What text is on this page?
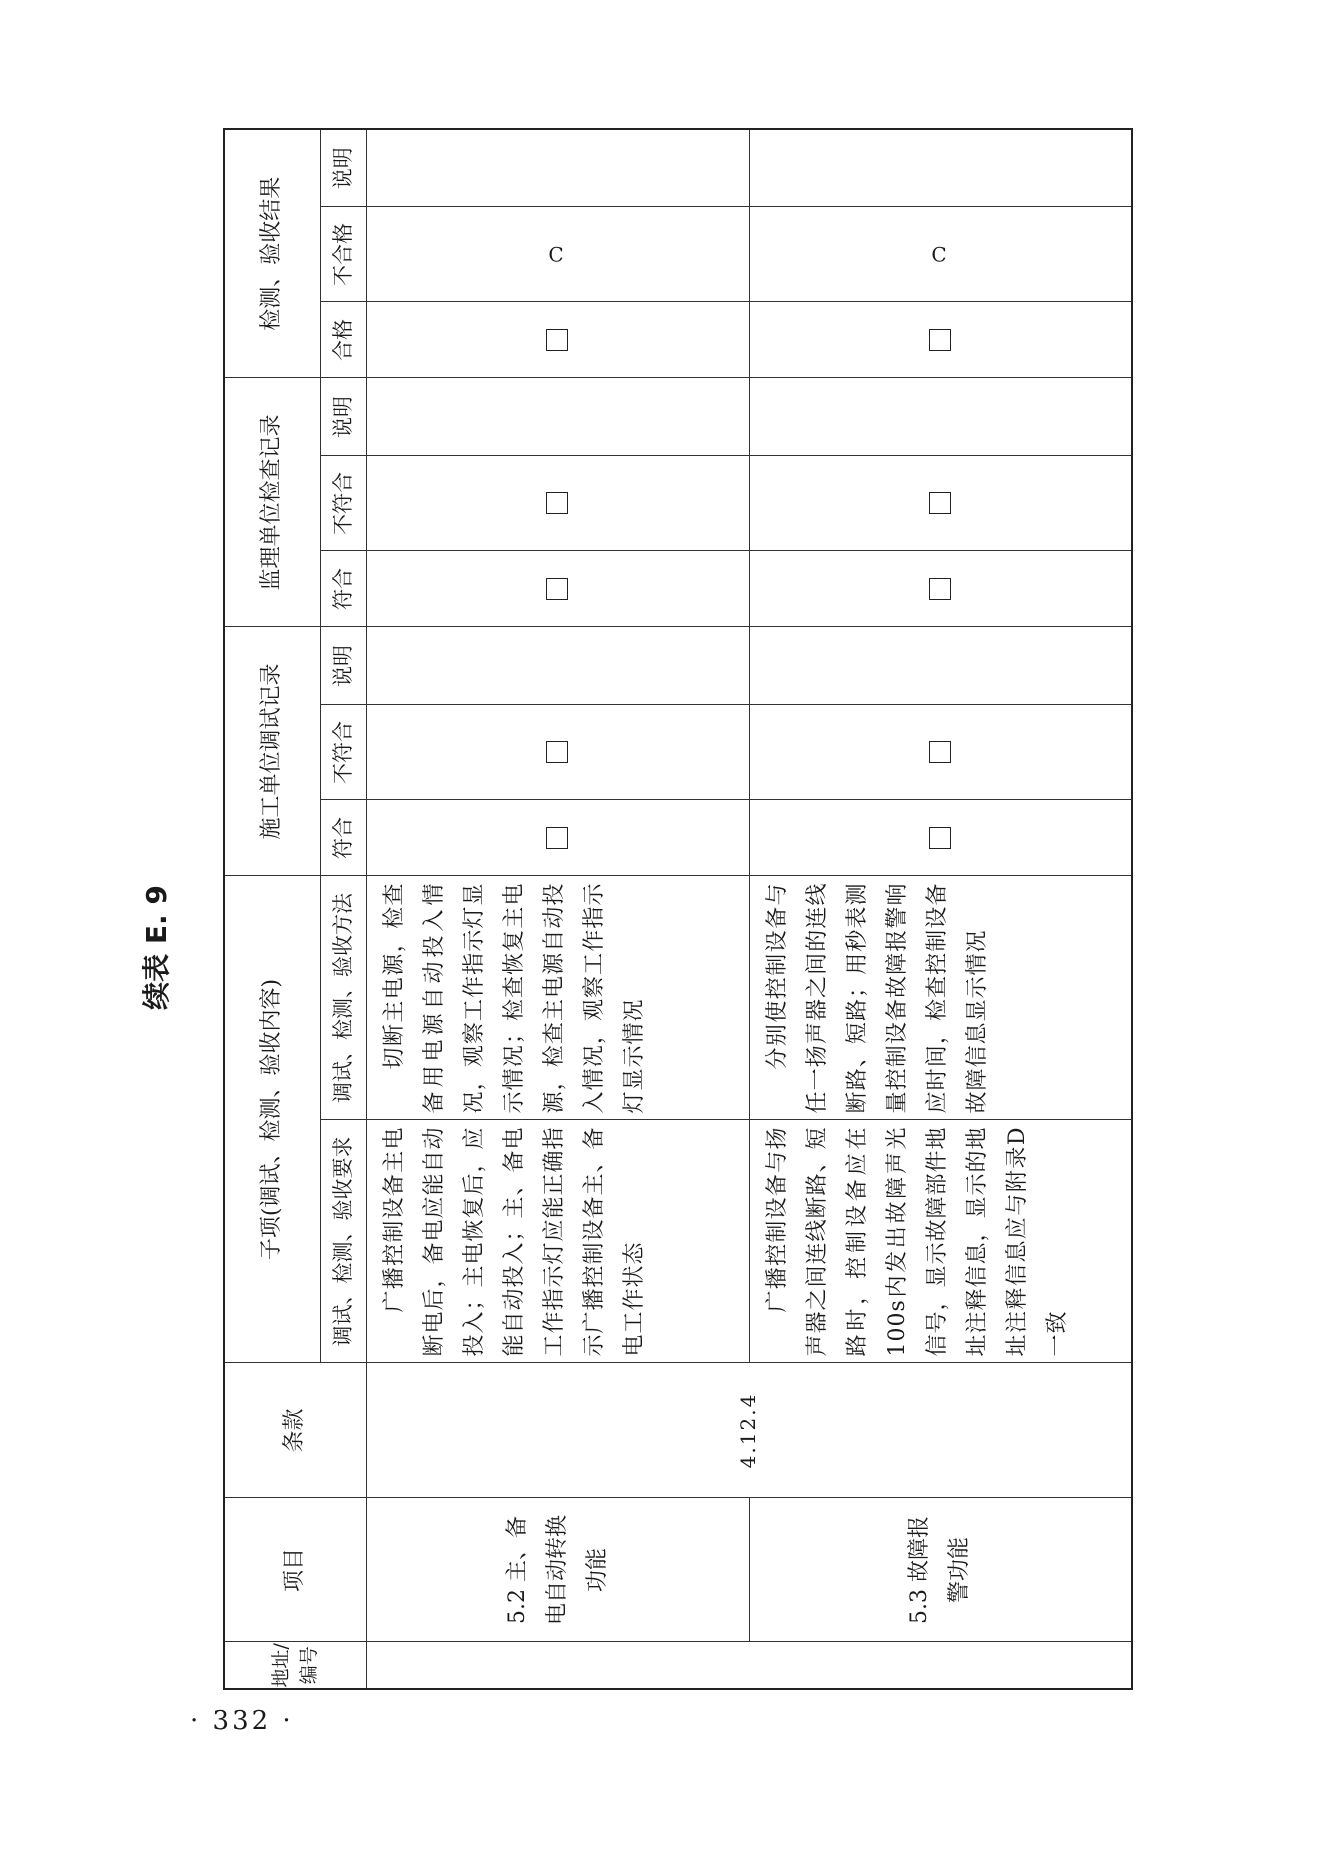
· 332 ·
续表 E. 9
地址/编号	项目	条款	子项(调试、检测、验收内容)		施工单位调试记录			监理单位检查记录			检测、验收结果		
			调试、检测、验收要求	调试、检测、验收方法	符合	不符合	说明	符合	不符合	说明	合格	不合格	说明
	5.2 主、备电自动转换功能	4.12.4	广播控制设备主电断电后，备电应能自动投入；主电恢复后，应能自动投入；主、备电工作指示灯应能正确指示广播控制设备主、备电工作状态	切断主电源，检查备用电源自动投入情况，观察工作指示灯显示情况；检查恢复主电源，检查主电源自动投入情况，观察工作指示灯显示情况								C	
	5.3 故障报警功能		广播控制设备与扬声器之间连线断路、短路时，控制设备应在100s内发出故障声光信号，显示故障部件地址注释信息，显示的地址注释信息应与附录D一致	分别使控制设备与任一扬声器之间的连线断路、短路；用秒表测量控制设备故障报警响应时间，检查控制设备故障信息显示情况								C	
